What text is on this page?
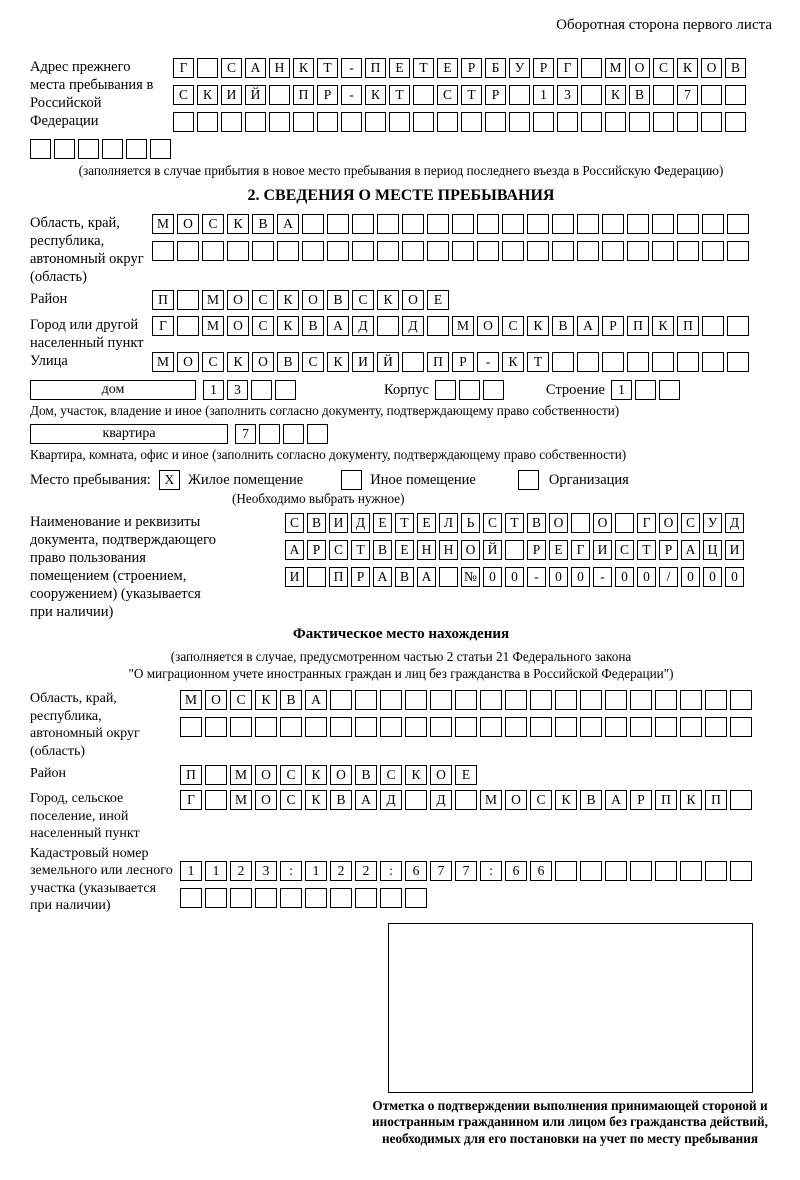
Оборотная сторона первого листа
Адрес прежнего места пребывания в Российской Федерации
Г	С	А	Н	К	Т	-	П	Е	Т	Е	Р	Б	У	Р	Г	М О	С	К	О	В
С	К	И	Й	П	Р	-	К	Т	С	Т	Р	1	3	К	В	7
(заполняется в случае прибытия в новое место пребывания в период последнего въезда в Российскую Федерацию)
2. СВЕДЕНИЯ О МЕСТЕ ПРЕБЫВАНИЯ
Область, край, республика, автономный округ (область)
М	О	С	К	В	А
Район	П	М	О	С	К	О	В	С	К	О	Е
Город или другой населенный пункт
Г	М	О	С	К	В	А	Д	Д	М	О	С	К	В	А	Р	П	К	П
Улица	М	О	С	К	О	В	С	К	И	Й	П	Р	-	К	Т
дом	1	3	Корпус	Строение 1
Дом, участок, владение и иное (заполнить согласно документу, подтверждающему право собственности)
квартира	7
Квартира, комната, офис и иное (заполнить согласно документу, подтверждающему право собственности)
Место пребывания:	X Жилое помещение	Иное помещение	Организация
(Необходимо выбрать нужное)
Наименование и реквизиты документа, подтверждающего право пользования помещением (строением, сооружением) (указывается при наличии)
С В И Д Е	Т	Е Л	Ь	С Т В О	О	Г О С У Д
А Р	С Т В Е Н Н О Й	Р	Е	Г И С Т	Р А Ц И
И	П Р А В А	№ 0	0	-	0	0	-	0	0	/	0	0	0
Фактическое место нахождения
(заполняется в случае, предусмотренном частью 2 статьи 21 Федерального закона
"О миграционном учете иностранных граждан и лиц без гражданства в Российской Федерации")
Область, край, республика, автономный округ (область)
М	О	С	К	В	А
Район	П	М	О	С	К	О	В	С	К	О	Е
Город, сельское поселение, иной населенный пункт
Г	М	О	С	К	В	А	Д	Д	М	О	С	К	В	А	Р	П	К	П
Кадастровый номер земельного или лесного участка (указывается при наличии)
1	1	2	3	:	1	2	2	:	6	7	7	:	6	6
Отметка о подтверждении выполнения принимающей стороной и иностранным гражданином или лицом без гражданства действий, необходимых для его постановки на учет по месту пребывания
